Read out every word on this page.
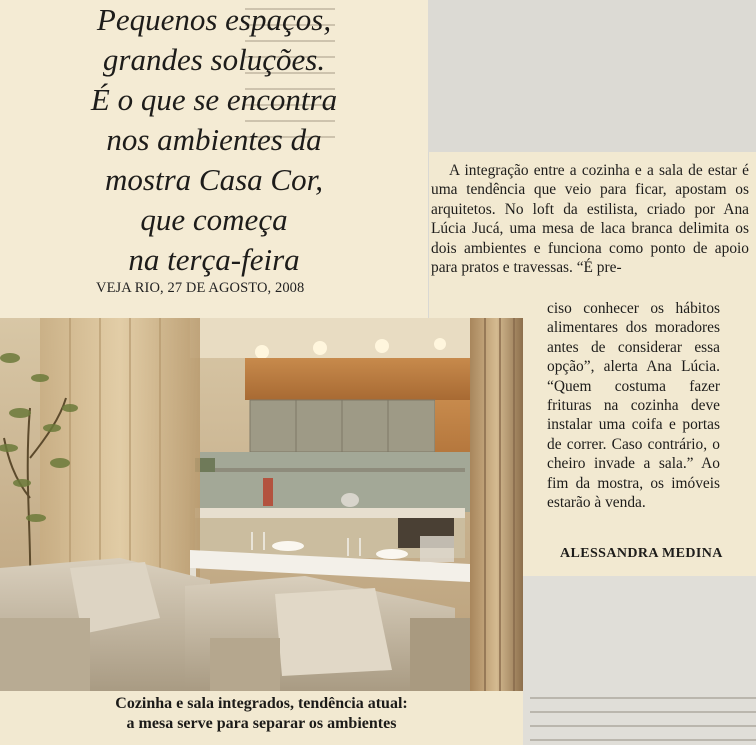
Pequenos espaços,
grandes soluções.
É o que se encontra
nos ambientes da
mostra Casa Cor,
que começa
na terça-feira
VEJA RIO, 27 DE AGOSTO, 2008

A integração entre a cozinha e a sala de estar é uma tendência que veio para ficar, apostam os arquitetos. No loft da estilista, criado por Ana Lúcia Jucá, uma mesa de laca branca delimita os dois ambientes e funciona como ponto de apoio para pratos e travessas. “É pre-

ciso conhecer os hábitos alimentares dos moradores antes de considerar essa opção”, alerta Ana Lúcia. “Quem costuma fazer frituras na cozinha deve instalar uma coifa e portas de correr. Caso contrário, o cheiro invade a sala.” Ao fim da mostra, os imóveis estarão à venda.

ALESSANDRA MEDINA
Cozinha e sala integrados, tendência atual:
a mesa serve para separar os ambientes
